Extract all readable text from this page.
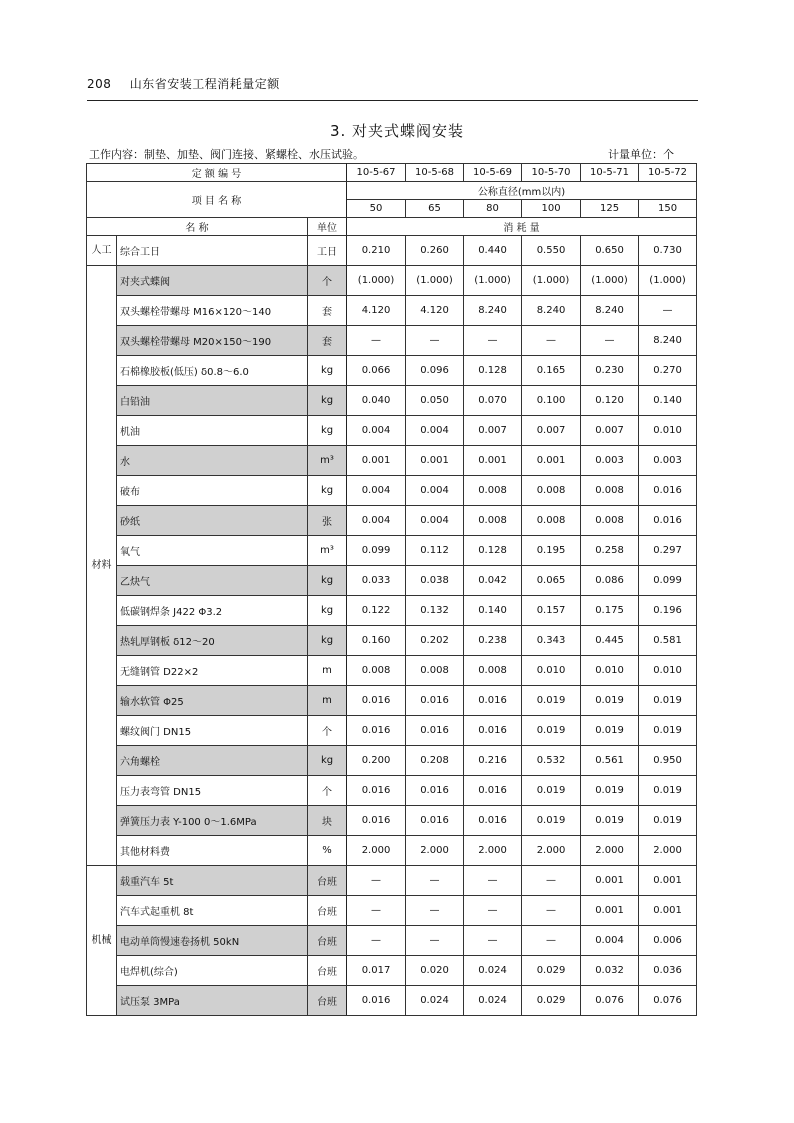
208 山东省安装工程消耗量定额
3. 对夹式蝶阀安装
工作内容：制垫、加垫、阀门连接、紧螺栓、水压试验。	计量单位：个
定 额 编 号			10-5-67	10-5-68	10-5-69	10-5-70	10-5-71	10-5-72
项 目 名 称			公称直径(mm以内)					
			50	65	80	100	125	150
名 称		单位	消 耗 量					
人工	综合工日	工日	0.210	0.260	0.440	0.550	0.650	0.730
材料	对夹式蝶阀	个	(1.000)	(1.000)	(1.000)	(1.000)	(1.000)	(1.000)
	双头螺栓带螺母 M16×120～140	套	4.120	4.120	8.240	8.240	8.240	—
	双头螺栓带螺母 M20×150～190	套	—	—	—	—	—	8.240
	石棉橡胶板(低压) δ0.8～6.0	kg	0.066	0.096	0.128	0.165	0.230	0.270
	白铅油	kg	0.040	0.050	0.070	0.100	0.120	0.140
	机油	kg	0.004	0.004	0.007	0.007	0.007	0.010
	水	m³	0.001	0.001	0.001	0.001	0.003	0.003
	破布	kg	0.004	0.004	0.008	0.008	0.008	0.016
	砂纸	张	0.004	0.004	0.008	0.008	0.008	0.016
	氧气	m³	0.099	0.112	0.128	0.195	0.258	0.297
	乙炔气	kg	0.033	0.038	0.042	0.065	0.086	0.099
	低碳钢焊条 J422 Φ3.2	kg	0.122	0.132	0.140	0.157	0.175	0.196
	热轧厚钢板 δ12～20	kg	0.160	0.202	0.238	0.343	0.445	0.581
	无缝钢管 D22×2	m	0.008	0.008	0.008	0.010	0.010	0.010
	输水软管 Φ25	m	0.016	0.016	0.016	0.019	0.019	0.019
	螺纹阀门 DN15	个	0.016	0.016	0.016	0.019	0.019	0.019
	六角螺栓	kg	0.200	0.208	0.216	0.532	0.561	0.950
	压力表弯管 DN15	个	0.016	0.016	0.016	0.019	0.019	0.019
	弹簧压力表 Y-100 0～1.6MPa	块	0.016	0.016	0.016	0.019	0.019	0.019
	其他材料费	%	2.000	2.000	2.000	2.000	2.000	2.000
机械	载重汽车 5t	台班	—	—	—	—	0.001	0.001
	汽车式起重机 8t	台班	—	—	—	—	0.001	0.001
	电动单筒慢速卷扬机 50kN	台班	—	—	—	—	0.004	0.006
	电焊机(综合)	台班	0.017	0.020	0.024	0.029	0.032	0.036
	试压泵 3MPa	台班	0.016	0.024	0.024	0.029	0.076	0.076
